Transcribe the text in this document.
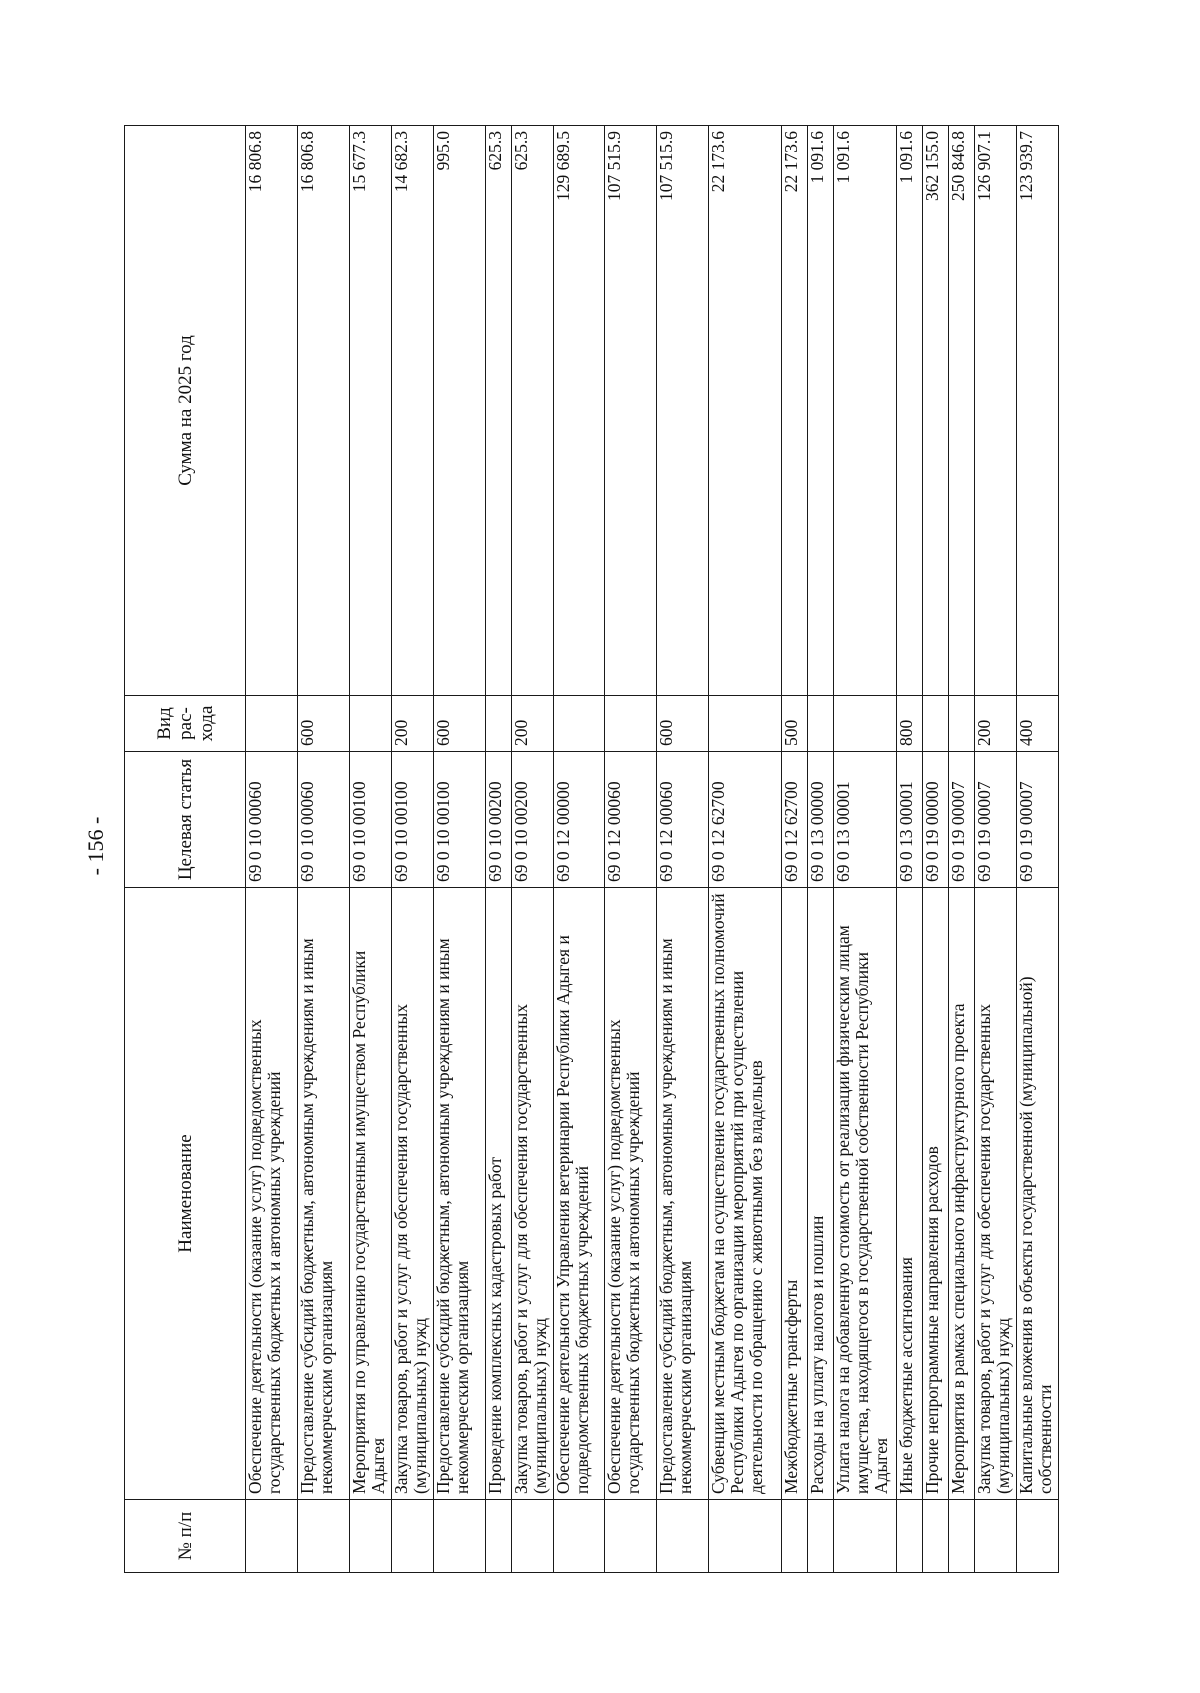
- 156 -
№ п/п	Наименование	Целевая статья	Вид рас-хода	Сумма на 2025 год
	Обеспечение деятельности (оказание услуг) подведомственных государственных бюджетных и автономных учреждений	69 0 10 00060		16 806.8
	Предоставление субсидий бюджетным, автономным учреждениям и иным некоммерческим организациям	69 0 10 00060	600	16 806.8
	Мероприятия по управлению государственным имуществом Республики Адыгея	69 0 10 00100		15 677.3
	Закупка товаров, работ и услуг для обеспечения государственных (муниципальных) нужд	69 0 10 00100	200	14 682.3
	Предоставление субсидий бюджетным, автономным учреждениям и иным некоммерческим организациям	69 0 10 00100	600	995.0
	Проведение комплексных кадастровых работ	69 0 10 00200		625.3
	Закупка товаров, работ и услуг для обеспечения государственных (муниципальных) нужд	69 0 10 00200	200	625.3
	Обеспечение деятельности Управления ветеринарии Республики Адыгея и подведомственных бюджетных учреждений	69 0 12 00000		129 689.5
	Обеспечение деятельности (оказание услуг) подведомственных государственных бюджетных и автономных учреждений	69 0 12 00060		107 515.9
	Предоставление субсидий бюджетным, автономным учреждениям и иным некоммерческим организациям	69 0 12 00060	600	107 515.9
	Субвенции местным бюджетам на осуществление государственных полномочий Республики Адыгея по организации мероприятий при осуществлении деятельности по обращению с животными без владельцев	69 0 12 62700		22 173.6
	Межбюджетные трансферты	69 0 12 62700	500	22 173.6
	Расходы на уплату налогов и пошлин	69 0 13 00000		1 091.6
	Уплата налога на добавленную стоимость от реализации физическим лицам имущества, находящегося в государственной собственности Республики Адыгея	69 0 13 00001		1 091.6
	Иные бюджетные ассигнования	69 0 13 00001	800	1 091.6
	Прочие непрограммные направления расходов	69 0 19 00000		362 155.0
	Мероприятия в рамках специального инфраструктурного проекта	69 0 19 00007		250 846.8
	Закупка товаров, работ и услуг для обеспечения государственных (муниципальных) нужд	69 0 19 00007	200	126 907.1
	Капитальные вложения в объекты государственной (муниципальной) собственности	69 0 19 00007	400	123 939.7
